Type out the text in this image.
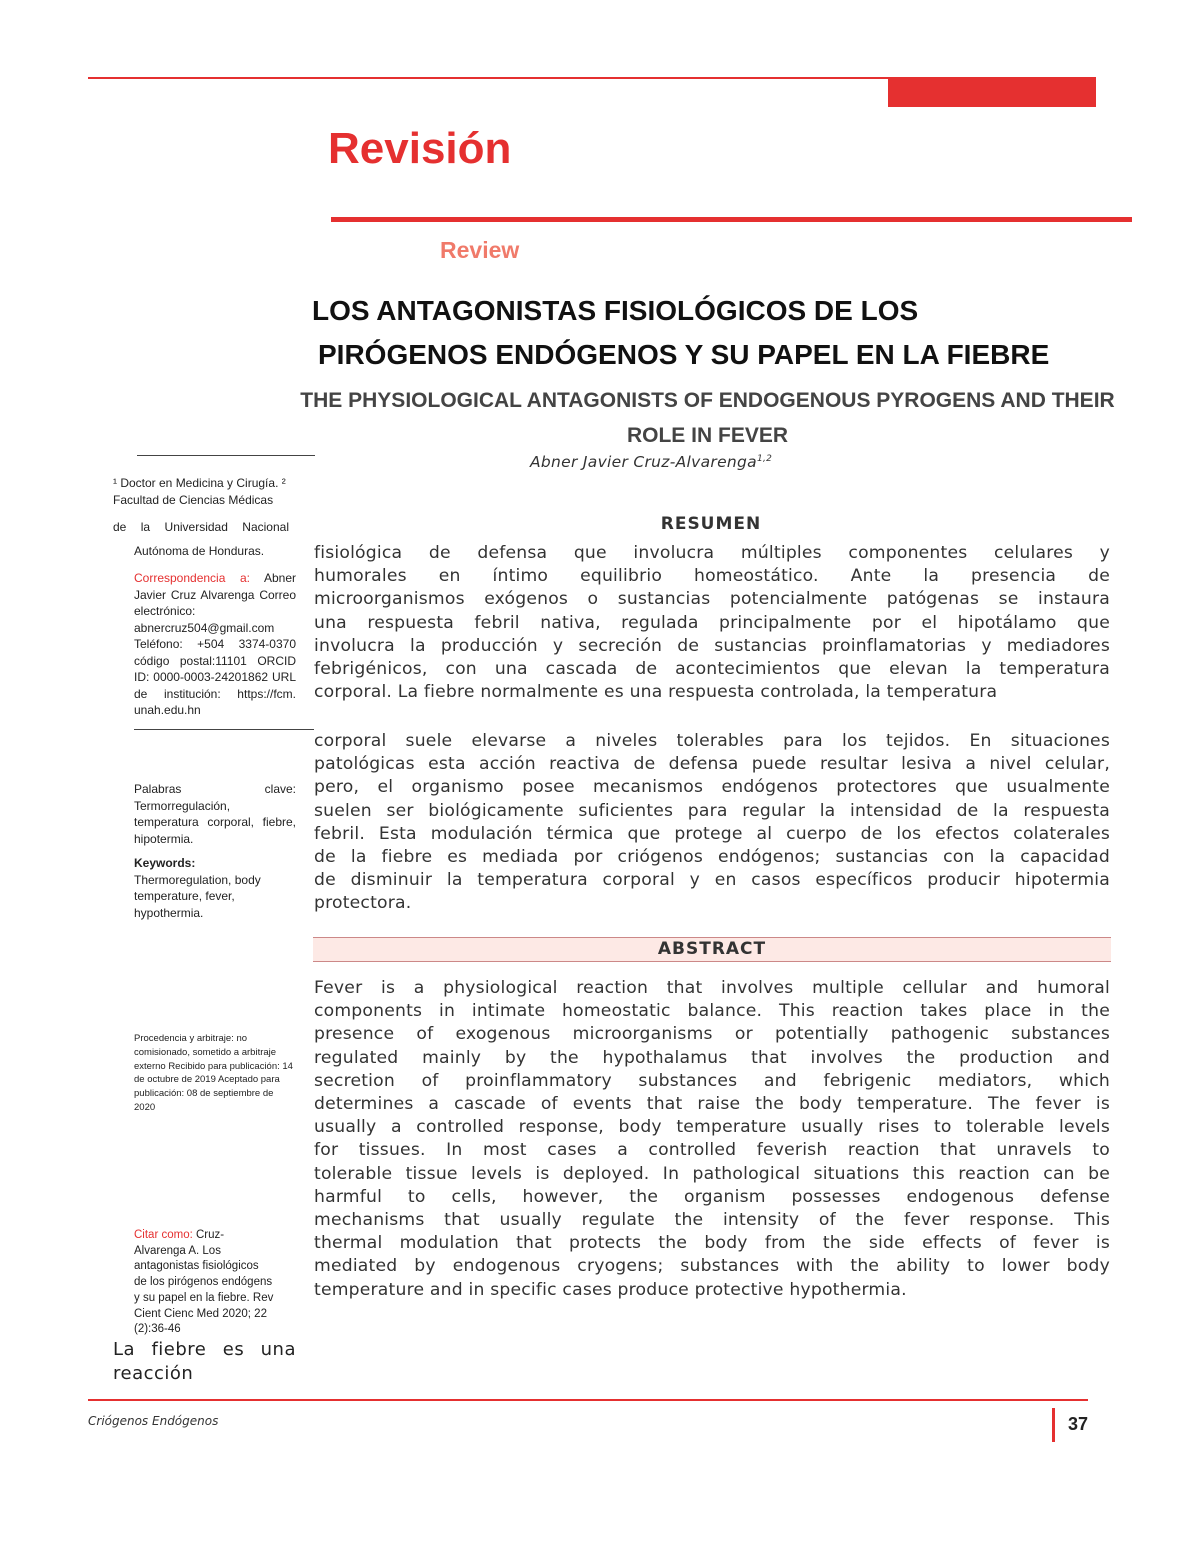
Revisión
Review
LOS ANTAGONISTAS FISIOLÓGICOS DE LOS
PIRÓGENOS ENDÓGENOS Y SU PAPEL EN LA FIEBRE
THE PHYSIOLOGICAL ANTAGONISTS OF ENDOGENOUS PYROGENS AND THEIR ROLE IN FEVER
Abner Javier Cruz-Alvarenga$^{1,2}$
¹ Doctor en Medicina y Cirugía. ² Facultad de Ciencias Médicas
de la Universidad Nacional
Autónoma de Honduras.
Correspondencia a: Abner Javier Cruz Alvarenga Correo electrónico: abnercruz504@gmail.com Teléfono: +504 3374-0370 código postal:11101 ORCID ID: 0000-0003-24201862 URL de institución: https://fcm. unah.edu.hn
Palabras clave: Termorregulación, temperatura corporal, fiebre, hipotermia.
Keywords:
Thermoregulation, body temperature, fever, hypothermia.
Procedencia y arbitraje: no comisionado, sometido a arbitraje externo Recibido para publicación: 14 de octubre de 2019 Aceptado para publicación: 08 de septiembre de 2020
Citar como: Cruz-Alvarenga A. Los antagonistas fisiológicos de los pirógenos endógens y su papel en la fiebre. Rev Cient Cienc Med 2020; 22 (2):36-46
La fiebre es una
reacción
RESUMEN
fisiológica de defensa que involucra múltiples componentes celulares y
humorales en íntimo equilibrio homeostático. Ante la presencia de
microorganismos exógenos o sustancias potencialmente patógenas se instaura
una respuesta febril nativa, regulada principalmente por el hipotálamo que
involucra la producción y secreción de sustancias proinflamatorias y mediadores
febrigénicos, con una cascada de acontecimientos que elevan la temperatura
corporal. La fiebre normalmente es una respuesta controlada, la temperatura
corporal suele elevarse a niveles tolerables para los tejidos. En situaciones
patológicas esta acción reactiva de defensa puede resultar lesiva a nivel celular,
pero, el organismo posee mecanismos endógenos protectores que usualmente
suelen ser biológicamente suficientes para regular la intensidad de la respuesta
febril. Esta modulación térmica que protege al cuerpo de los efectos colaterales
de la fiebre es mediada por criógenos endógenos; sustancias con la capacidad
de disminuir la temperatura corporal y en casos específicos producir hipotermia
protectora.
ABSTRACT
Fever is a physiological reaction that involves multiple cellular and humoral
components in intimate homeostatic balance. This reaction takes place in the
presence of exogenous microorganisms or potentially pathogenic substances
regulated mainly by the hypothalamus that involves the production and
secretion of proinflammatory substances and febrigenic mediators, which
determines a cascade of events that raise the body temperature. The fever is
usually a controlled response, body temperature usually rises to tolerable levels
for tissues. In most cases a controlled feverish reaction that unravels to
tolerable tissue levels is deployed. In pathological situations this reaction can be
harmful to cells, however, the organism possesses endogenous defense
mechanisms that usually regulate the intensity of the fever response. This
thermal modulation that protects the body from the side effects of fever is
mediated by endogenous cryogens; substances with the ability to lower body
temperature and in specific cases produce protective hypothermia.
Criógenos Endógenos	37
